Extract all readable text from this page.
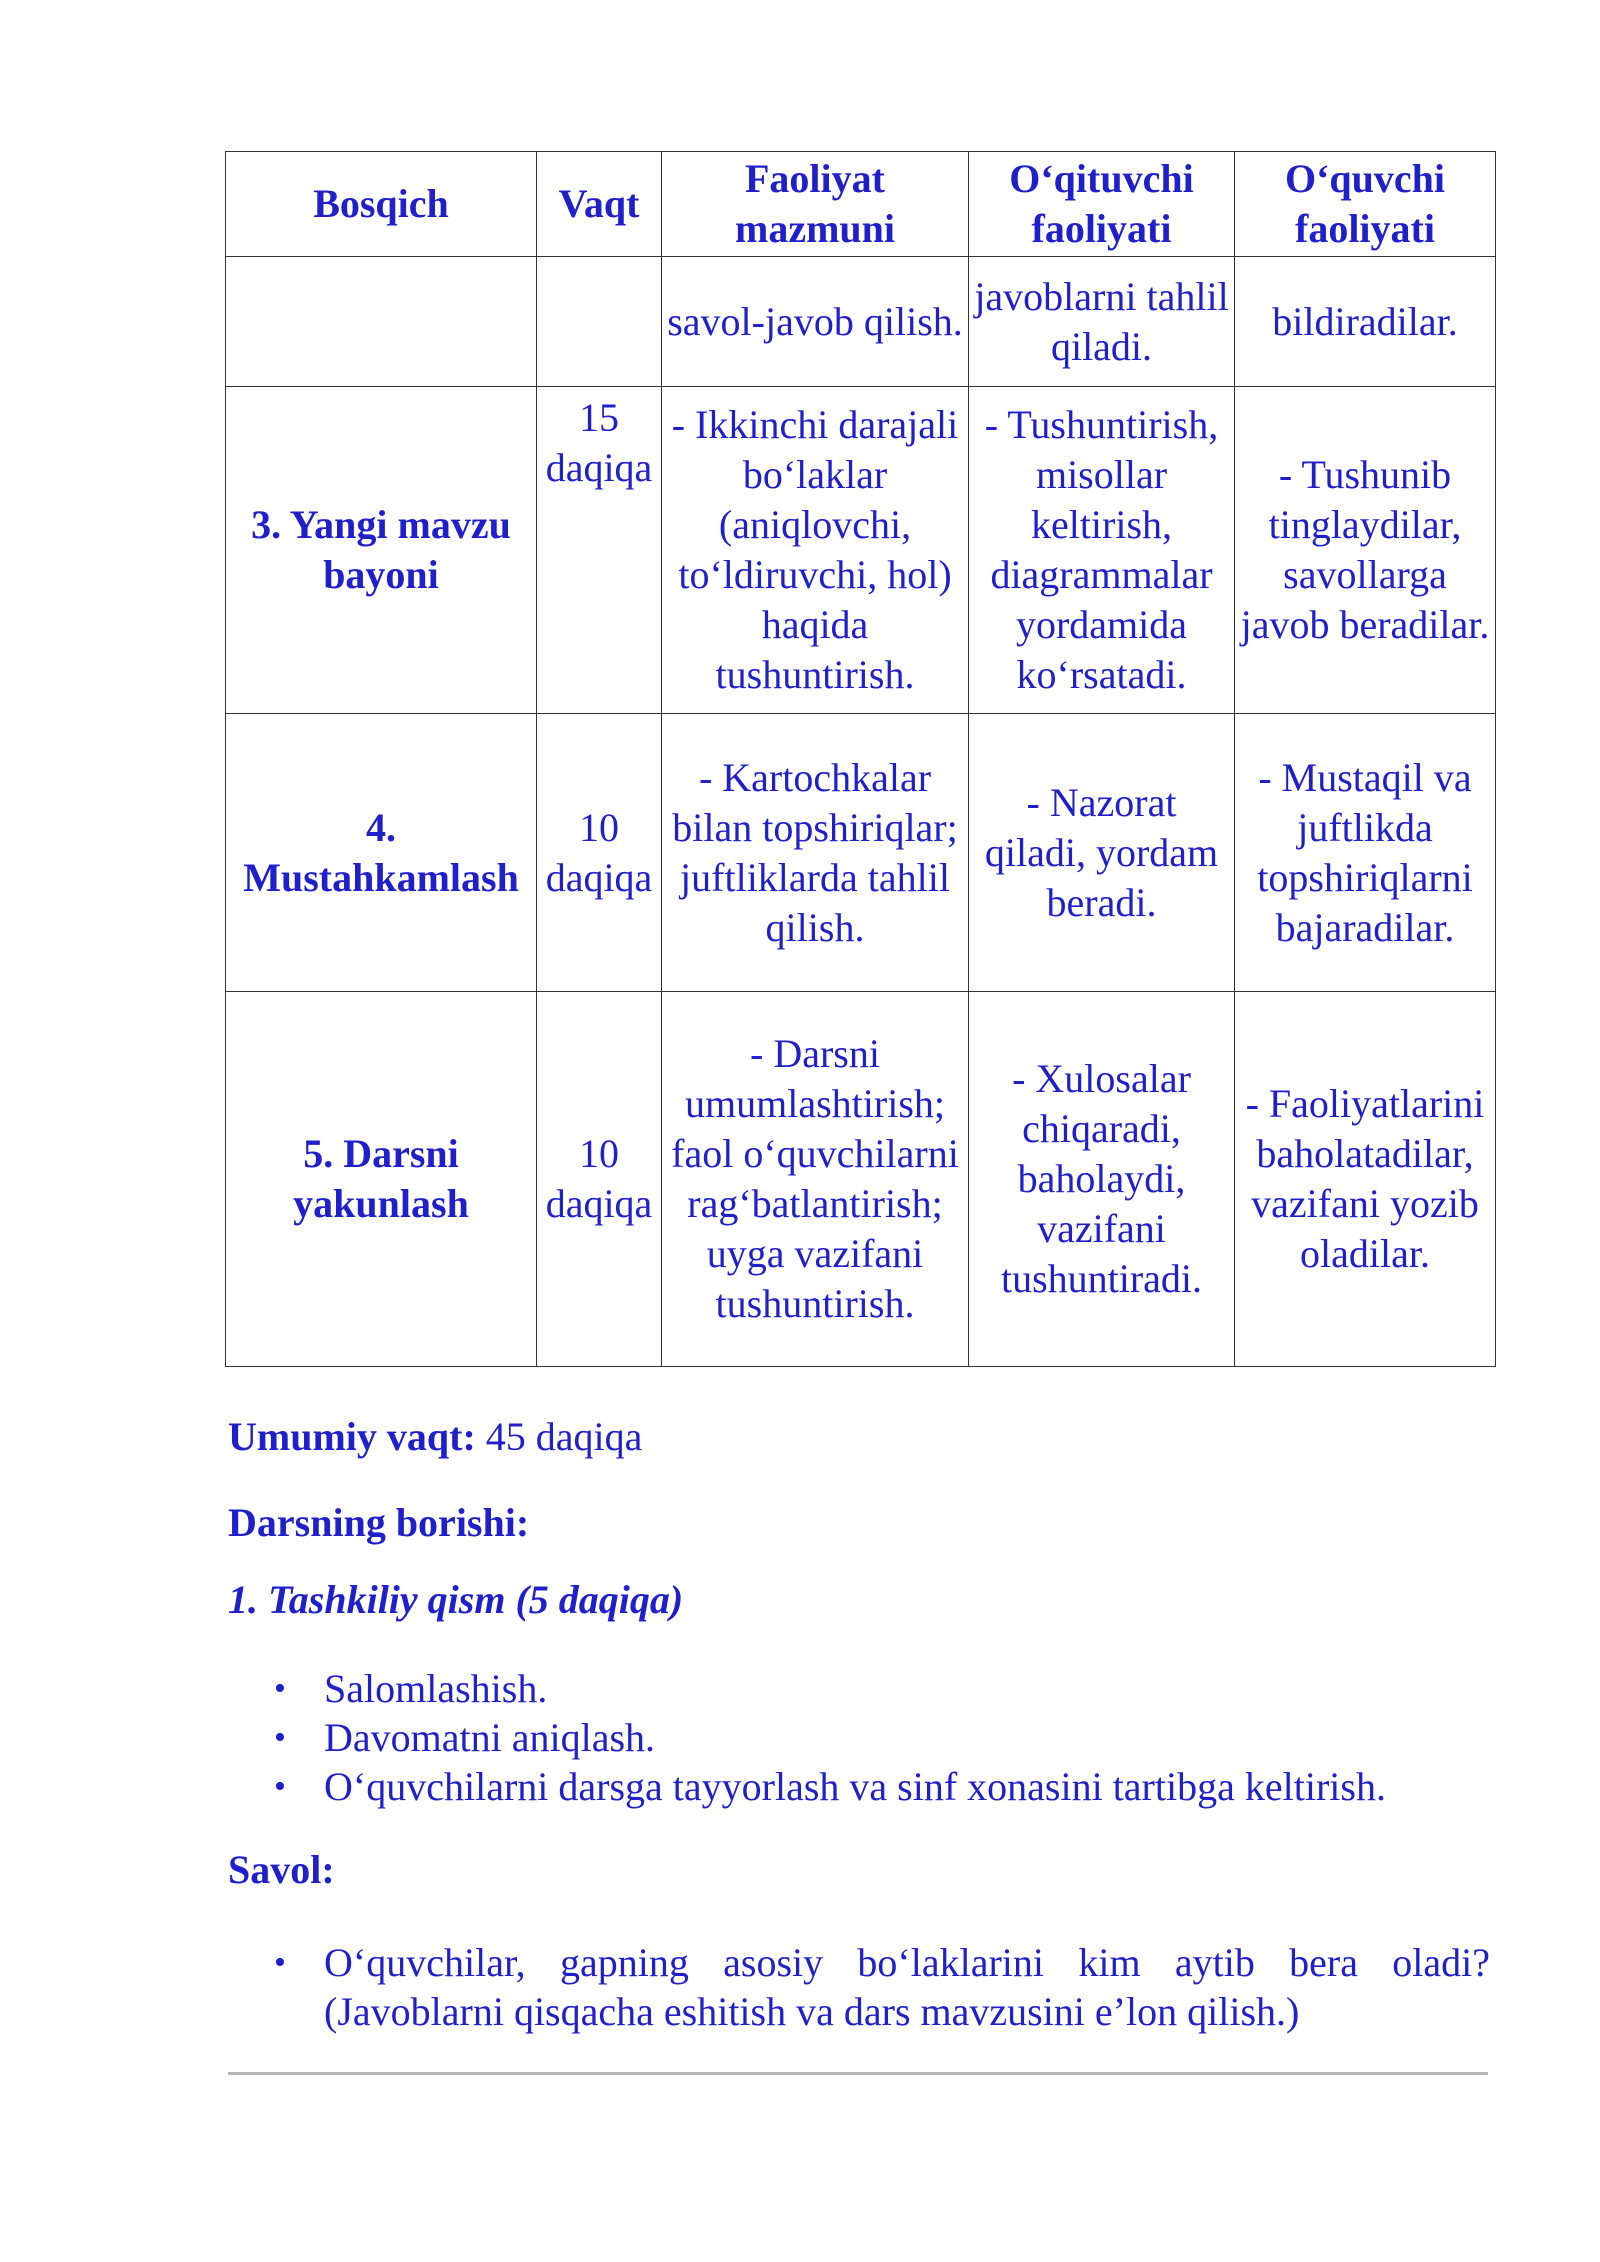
Bosqich	Vaqt	Faoliyat mazmuni	O‘qituvchi faoliyati	O‘quvchi faoliyati
		savol-javob qilish.	javoblarni tahlil qiladi.	bildiradilar.
3. Yangi mavzu bayoni	15 daqiqa	- Ikkinchi darajali bo‘laklar (aniqlovchi, to‘ldiruvchi, hol) haqida tushuntirish.	- Tushuntirish, misollar keltirish, diagrammalar yordamida ko‘rsatadi.	- Tushunib tinglaydilar, savollarga javob beradilar.
4. Mustahkamlash	10 daqiqa	- Kartochkalar bilan topshiriqlar; juftliklarda tahlil qilish.	- Nazorat qiladi, yordam beradi.	- Mustaqil va juftlikda topshiriqlarni bajaradilar.
5. Darsni yakunlash	10 daqiqa	- Darsni umumlashtirish; faol o‘quvchilarni rag‘batlantirish; uyga vazifani tushuntirish.	- Xulosalar chiqaradi, baholaydi, vazifani tushuntiradi.	- Faoliyatlarini baholatadilar, vazifani yozib oladilar.
Umumiy vaqt: 45 daqiqa
Darsning borishi:
1. Tashkiliy qism (5 daqiqa)
• Salomlashish.
• Davomatni aniqlash.
• O‘quvchilarni darsga tayyorlash va sinf xonasini tartibga keltirish.
Savol:
• O‘quvchilar, gapning asosiy bo‘laklarini kim aytib bera oladi? (Javoblarni qisqacha eshitish va dars mavzusini e’lon qilish.)
